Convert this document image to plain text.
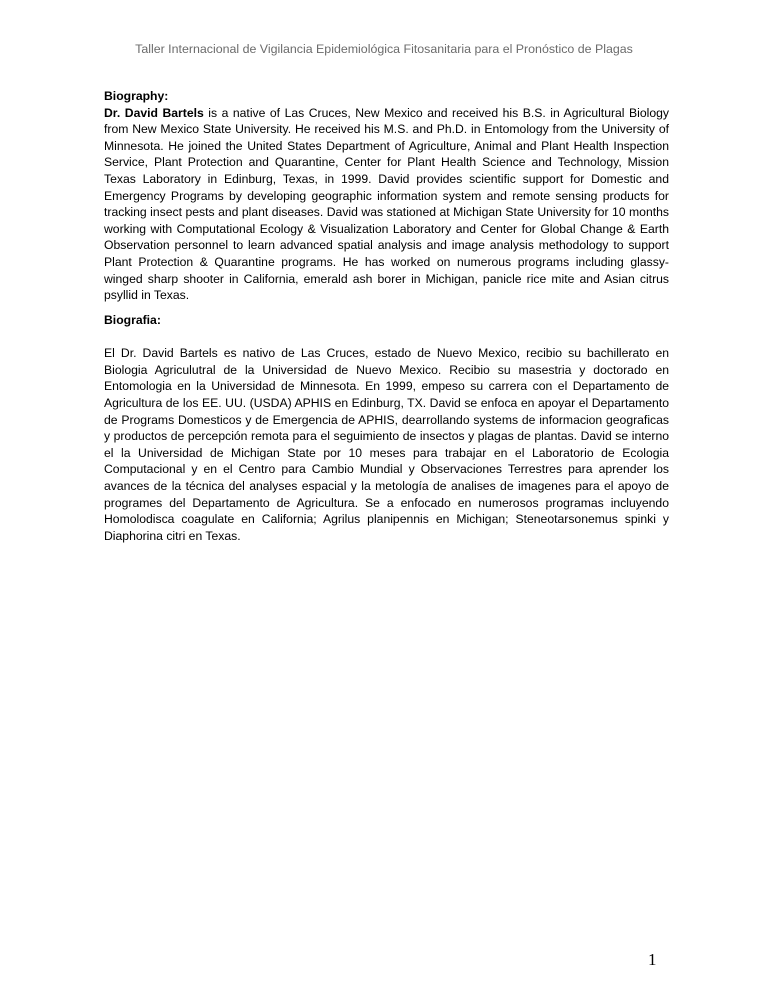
Taller Internacional de Vigilancia Epidemiológica Fitosanitaria para el Pronóstico de Plagas
Biography:

Dr. David Bartels is a native of Las Cruces, New Mexico and received his B.S. in Agricultural Biology from New Mexico State University. He received his M.S. and Ph.D. in Entomology from the University of Minnesota. He joined the United States Department of Agriculture, Animal and Plant Health Inspection Service, Plant Protection and Quarantine, Center for Plant Health Science and Technology, Mission Texas Laboratory in Edinburg, Texas, in 1999. David provides scientific support for Domestic and Emergency Programs by developing geographic information system and remote sensing products for tracking insect pests and plant diseases. David was stationed at Michigan State University for 10 months working with Computational Ecology & Visualization Laboratory and Center for Global Change & Earth Observation personnel to learn advanced spatial analysis and image analysis methodology to support Plant Protection & Quarantine programs. He has worked on numerous programs including glassy-winged sharp shooter in California, emerald ash borer in Michigan, panicle rice mite and Asian citrus psyllid in Texas.

Biografia:

El Dr. David Bartels es nativo de Las Cruces, estado de Nuevo Mexico, recibio su bachillerato en Biologia Agriculutral de la Universidad de Nuevo Mexico. Recibio su masestria y doctorado en Entomologia en la Universidad de Minnesota. En 1999, empeso su carrera con el Departamento de Agricultura de los EE. UU. (USDA) APHIS en Edinburg, TX. David se enfoca en apoyar el Departamento de Programs Domesticos y de Emergencia de APHIS, dearrollando systems de informacion geograficas y productos de percepción remota para el seguimiento de insectos y plagas de plantas. David se interno el la Universidad de Michigan State por 10 meses para trabajar en el Laboratorio de Ecologia Computacional y en el Centro para Cambio Mundial y Observaciones Terrestres para aprender los avances de la técnica del analyses espacial y la metología de analises de imagenes para el apoyo de programes del Departamento de Agricultura. Se a enfocado en numerosos programas incluyendo Homolodisca coagulate en California; Agrilus planipennis en Michigan; Steneotarsonemus spinki y Diaphorina citri en Texas.

1
